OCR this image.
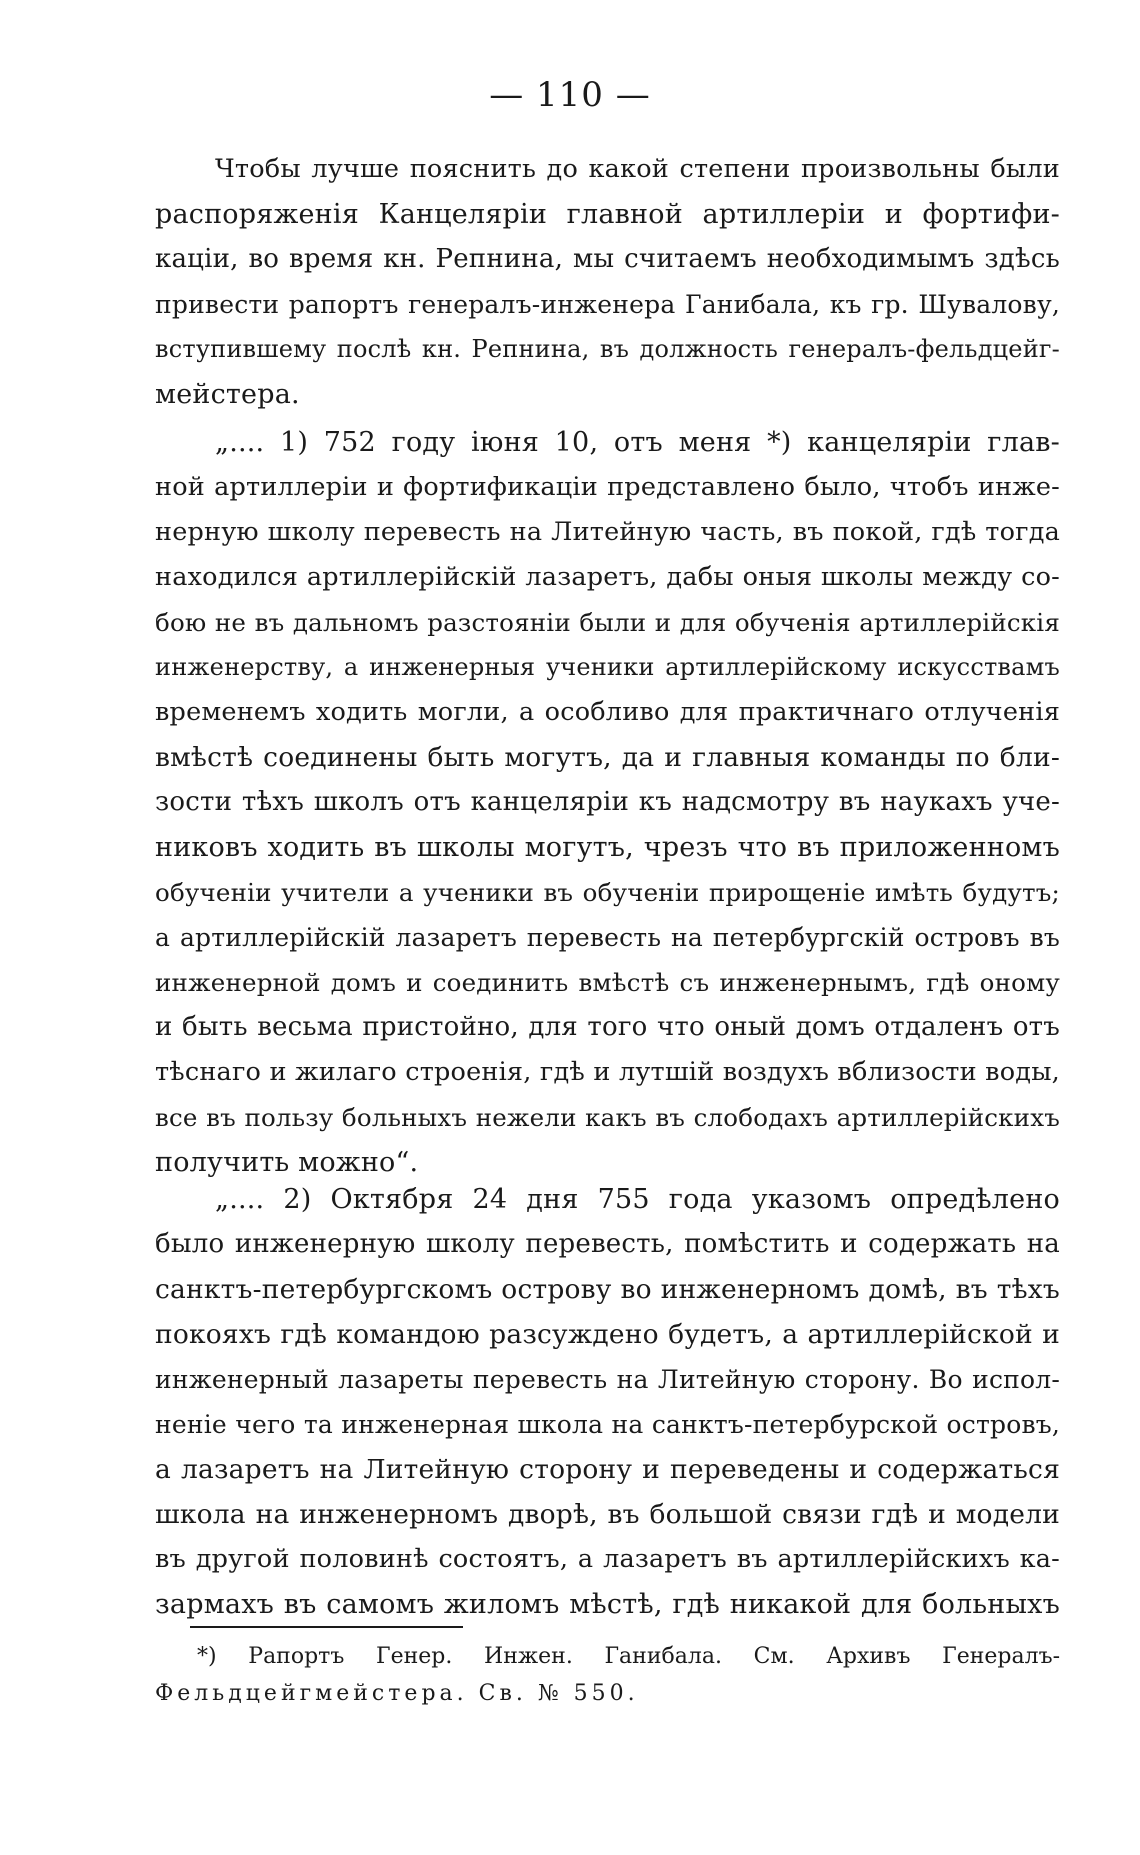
— 110 —
Чтобы лучше пояснить до какой степени произвольны были
распоряженія Канцеляріи главной артиллеріи и фортифи-
каціи, во время кн. Репнина, мы считаемъ необходимымъ здѣсь
привести рапортъ генералъ-инженера Ганибала, къ гр. Шувалову,
вступившему послѣ кн. Репнина, въ должность генералъ-фельдцейг-
мейстера.
„.... 1) 752 году іюня 10, отъ меня *) канцеляріи глав-
ной артиллеріи и фортификаціи представлено было, чтобъ инже-
нерную школу перевесть на Литейную часть, въ покой, гдѣ тогда
находился артиллерійскій лазаретъ, дабы оныя школы между со-
бою не въ дальномъ разстояніи были и для обученія артиллерійскія
инженерству, а инженерныя ученики артиллерійскому искусствамъ
временемъ ходить могли, а особливо для практичнаго отлученія
вмѣстѣ соединены быть могутъ, да и главныя команды по бли-
зости тѣхъ школъ отъ канцеляріи къ надсмотру въ наукахъ уче-
никовъ ходить въ школы могутъ, чрезъ что въ приложенномъ
обученіи учители а ученики въ обученіи прирощеніе имѣть будутъ;
а артиллерійскій лазаретъ перевесть на петербургскій островъ въ
инженерной домъ и соединить вмѣстѣ съ инженернымъ, гдѣ оному
и быть весьма пристойно, для того что оный домъ отдаленъ отъ
тѣснаго и жилаго строенія, гдѣ и лутшій воздухъ вблизости воды,
все въ пользу больныхъ нежели какъ въ слободахъ артиллерійскихъ
получить можно“.
„.... 2) Октября 24 дня 755 года указомъ опредѣлено
было инженерную школу перевесть, помѣстить и содержать на
санктъ-петербургскомъ острову во инженерномъ домѣ, въ тѣхъ
покояхъ гдѣ командою разсуждено будетъ, а артиллерійской и
инженерный лазареты перевесть на Литейную сторону. Во испол-
неніе чего та инженерная школа на санктъ-петербурской островъ,
а лазаретъ на Литейную сторону и переведены и содержаться
школа на инженерномъ дворѣ, въ большой связи гдѣ и модели
въ другой половинѣ состоятъ, а лазаретъ въ артиллерійскихъ ка-
зармахъ въ самомъ жиломъ мѣстѣ, гдѣ никакой для больныхъ
*) Рапортъ Генер. Инжен. Ганибала. См. Архивъ Генералъ-
Фельдцейгмейстера. Св. № 550.
